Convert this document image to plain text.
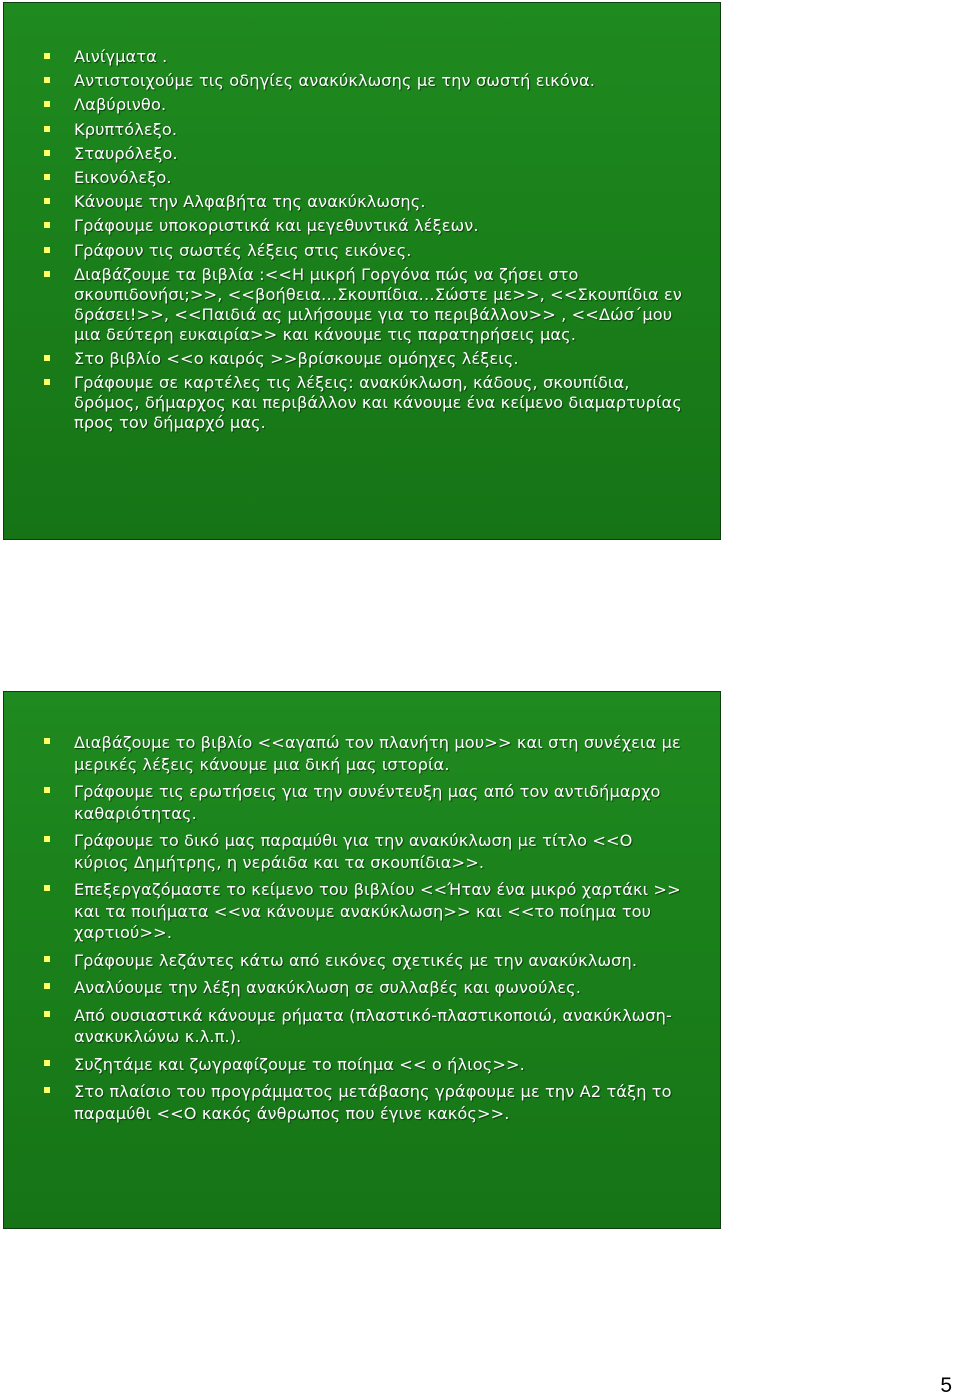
Αινίγματα .
Αντιστοιχούμε τις οδηγίες ανακύκλωσης με την σωστή εικόνα.
Λαβύρινθο.
Κρυπτόλεξο.
Σταυρόλεξο.
Εικονόλεξο.
Κάνουμε την Αλφαβήτα της ανακύκλωσης.
Γράφουμε υποκοριστικά και μεγεθυντικά λέξεων.
Γράφουν τις σωστές λέξεις στις εικόνες.
Διαβάζουμε τα βιβλία :<<Η μικρή Γοργόνα πώς να ζήσει στο σκουπιδονήσι;>>, <<βοήθεια…Σκουπίδια…Σώστε με>>, <<Σκουπίδια εν δράσει!>>, <<Παιδιά ας μιλήσουμε για το περιβάλλον>> , <<Δώσ΄μου μια δεύτερη ευκαιρία>> και κάνουμε τις παρατηρήσεις μας.
Στο βιβλίο <<ο καιρός >>βρίσκουμε ομόηχες λέξεις.
Γράφουμε σε καρτέλες τις λέξεις: ανακύκλωση, κάδους, σκουπίδια, δρόμος, δήμαρχος και περιβάλλον και κάνουμε ένα κείμενο διαμαρτυρίας προς τον δήμαρχό μας.
Διαβάζουμε το βιβλίο <<αγαπώ τον πλανήτη μου>> και στη συνέχεια με μερικές λέξεις κάνουμε μια δική μας ιστορία.
Γράφουμε τις ερωτήσεις για την συνέντευξη μας από τον αντιδήμαρχο καθαριότητας.
Γράφουμε το δικό μας παραμύθι για την ανακύκλωση με τίτλο <<Ο κύριος Δημήτρης, η νεράιδα και τα σκουπίδια>>.
Επεξεργαζόμαστε το κείμενο του βιβλίου <<Ήταν ένα μικρό χαρτάκι >> και τα ποιήματα <<να κάνουμε ανακύκλωση>> και <<το ποίημα του χαρτιού>>.
Γράφουμε λεζάντες κάτω από εικόνες σχετικές με την ανακύκλωση.
Αναλύουμε την λέξη ανακύκλωση σε συλλαβές και φωνούλες.
Από ουσιαστικά κάνουμε ρήματα (πλαστικό-πλαστικοποιώ, ανακύκλωση- ανακυκλώνω κ.λ.π.).
Συζητάμε και ζωγραφίζουμε το ποίημα << ο ήλιος>>.
Στο πλαίσιο του προγράμματος μετάβασης γράφουμε με την Α2 τάξη το παραμύθι <<Ο κακός άνθρωπος που έγινε κακός>>.
5
